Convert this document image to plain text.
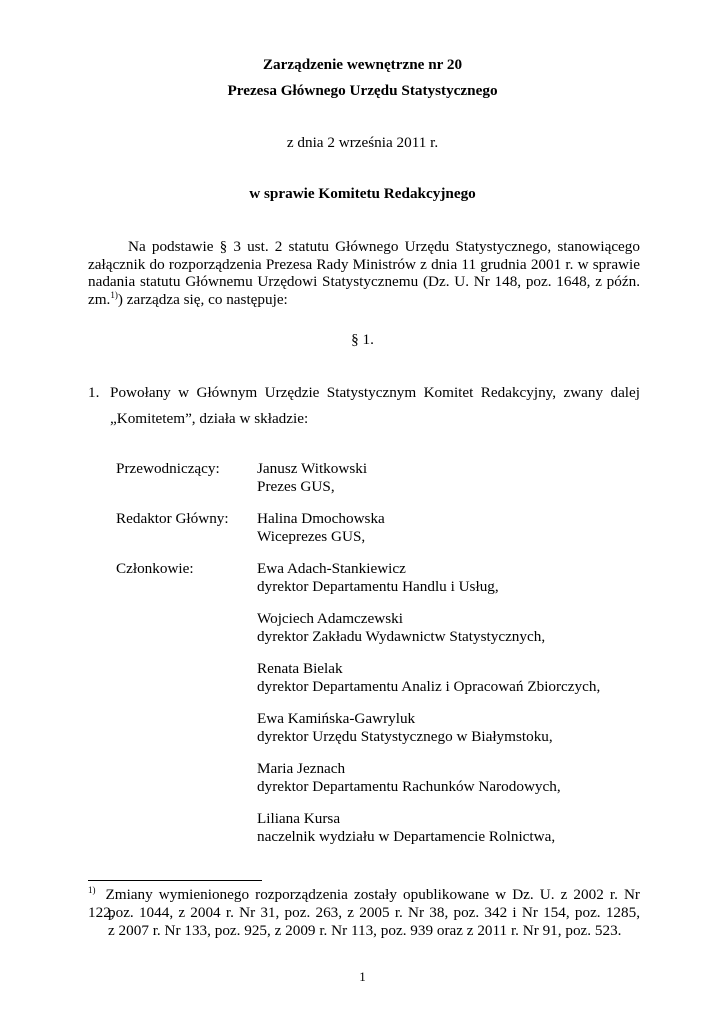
Zarządzenie wewnętrzne nr 20
Prezesa Głównego Urzędu Statystycznego
z dnia 2 września 2011 r.
w sprawie Komitetu Redakcyjnego
Na podstawie § 3 ust. 2 statutu Głównego Urzędu Statystycznego, stanowiącego
załącznik do rozporządzenia Prezesa Rady Ministrów z dnia 11 grudnia 2001 r. w sprawie
nadania statutu Głównemu Urzędowi Statystycznemu (Dz. U. Nr 148, poz. 1648, z późn.
zm.$^{1)}$) zarządza się, co następuje:
§ 1.
1. Powołany w Głównym Urzędzie Statystycznym Komitet Redakcyjny, zwany dalej
„Komitetem”, działa w składzie:
Przewodniczący:	Janusz Witkowski
Prezes GUS,
Redaktor Główny:	Halina Dmochowska
Wiceprezes GUS,
Członkowie:	Ewa Adach-Stankiewicz
dyrektor Departamentu Handlu i Usług,
Wojciech Adamczewski
dyrektor Zakładu Wydawnictw Statystycznych,
Renata Bielak
dyrektor Departamentu Analiz i Opracowań Zbiorczych,
Ewa Kamińska-Gawryluk
dyrektor Urzędu Statystycznego w Białymstoku,
Maria Jeznach
dyrektor Departamentu Rachunków Narodowych,
Liliana Kursa
naczelnik wydziału w Departamencie Rolnictwa,
$^{1)}$ Zmiany wymienionego rozporządzenia zostały opublikowane w Dz. U. z 2002 r. Nr 122,
poz. 1044, z 2004 r. Nr 31, poz. 263, z 2005 r. Nr 38, poz. 342 i Nr 154, poz. 1285,
z 2007 r. Nr 133, poz. 925, z 2009 r. Nr 113, poz. 939 oraz z 2011 r. Nr 91, poz. 523.
1
